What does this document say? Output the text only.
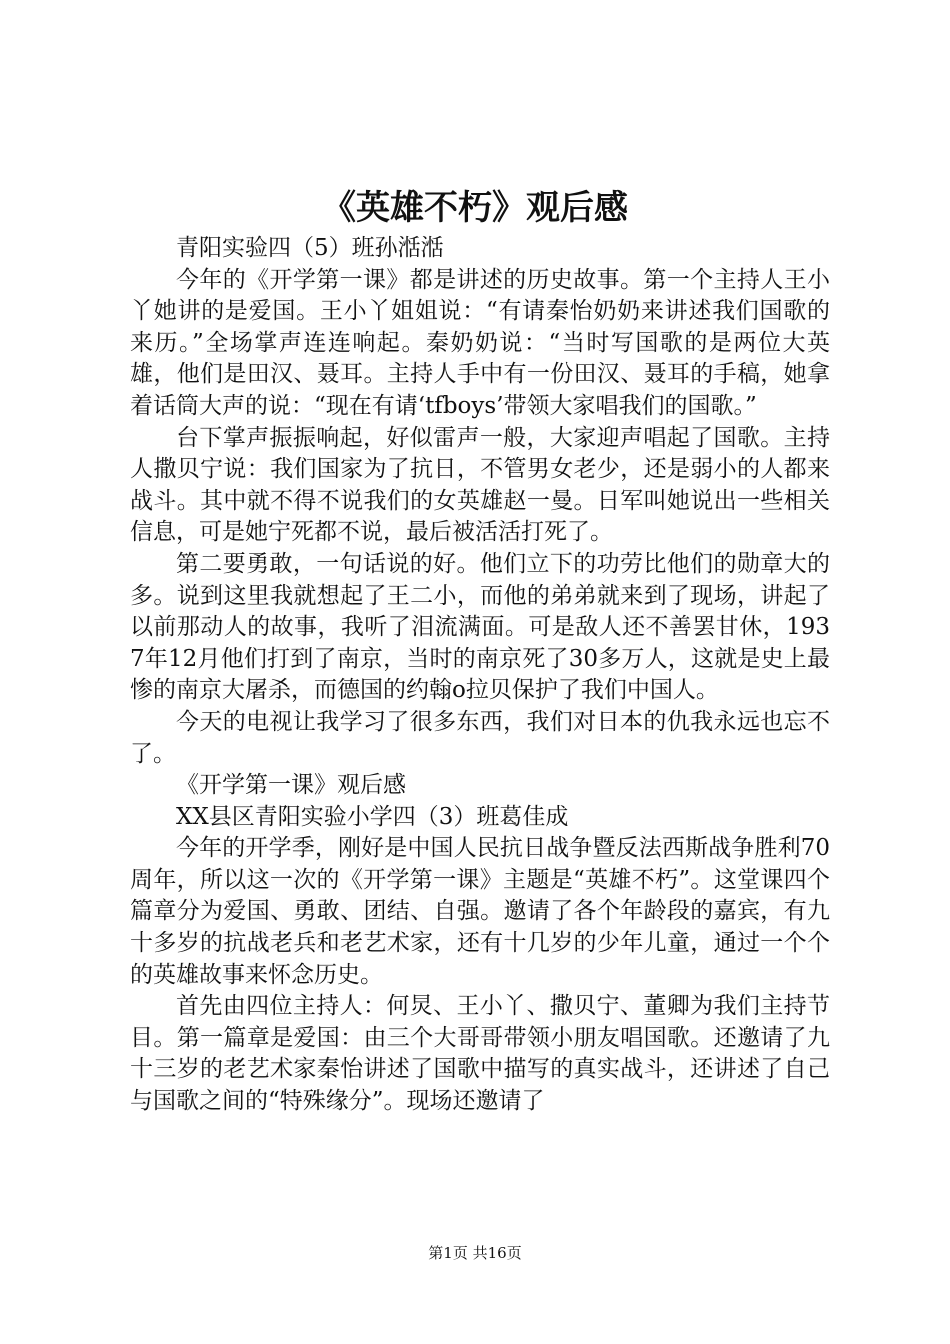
《英雄不朽》观后感

青阳实验四（5）班孙湉湉

今年的《开学第一课》都是讲述的历史故事。第一个主持人王小丫她讲的是爱国。王小丫姐姐说：“有请秦怡奶奶来讲述我们国歌的来历。”全场掌声连连响起。秦奶奶说：“当时写国歌的是两位大英雄，他们是田汉、聂耳。主持人手中有一份田汉、聂耳的手稿，她拿着话筒大声的说：“现在有请‘tfboys’带领大家唱我们的国歌。”

台下掌声振振响起，好似雷声一般，大家迎声唱起了国歌。主持人撒贝宁说：我们国家为了抗日，不管男女老少，还是弱小的人都来战斗。其中就不得不说我们的女英雄赵一曼。日军叫她说出一些相关信息，可是她宁死都不说，最后被活活打死了。

第二要勇敢，一句话说的好。他们立下的功劳比他们的勋章大的多。说到这里我就想起了王二小，而他的弟弟就来到了现场，讲起了以前那动人的故事，我听了泪流满面。可是敌人还不善罢甘休，1937年12月他们打到了南京，当时的南京死了30多万人，这就是史上最惨的南京大屠杀，而德国的约翰o拉贝保护了我们中国人。

今天的电视让我学习了很多东西，我们对日本的仇我永远也忘不了。

《开学第一课》观后感

XX县区青阳实验小学四（3）班葛佳成

今年的开学季，刚好是中国人民抗日战争暨反法西斯战争胜利70周年，所以这一次的《开学第一课》主题是“英雄不朽”。这堂课四个篇章分为爱国、勇敢、团结、自强。邀请了各个年龄段的嘉宾，有九十多岁的抗战老兵和老艺术家，还有十几岁的少年儿童，通过一个个的英雄故事来怀念历史。

首先由四位主持人：何炅、王小丫、撒贝宁、董卿为我们主持节目。第一篇章是爱国：由三个大哥哥带领小朋友唱国歌。还邀请了九十三岁的老艺术家秦怡讲述了国歌中描写的真实战斗，还讲述了自己与国歌之间的“特殊缘分”。现场还邀请了

第1页 共16页
